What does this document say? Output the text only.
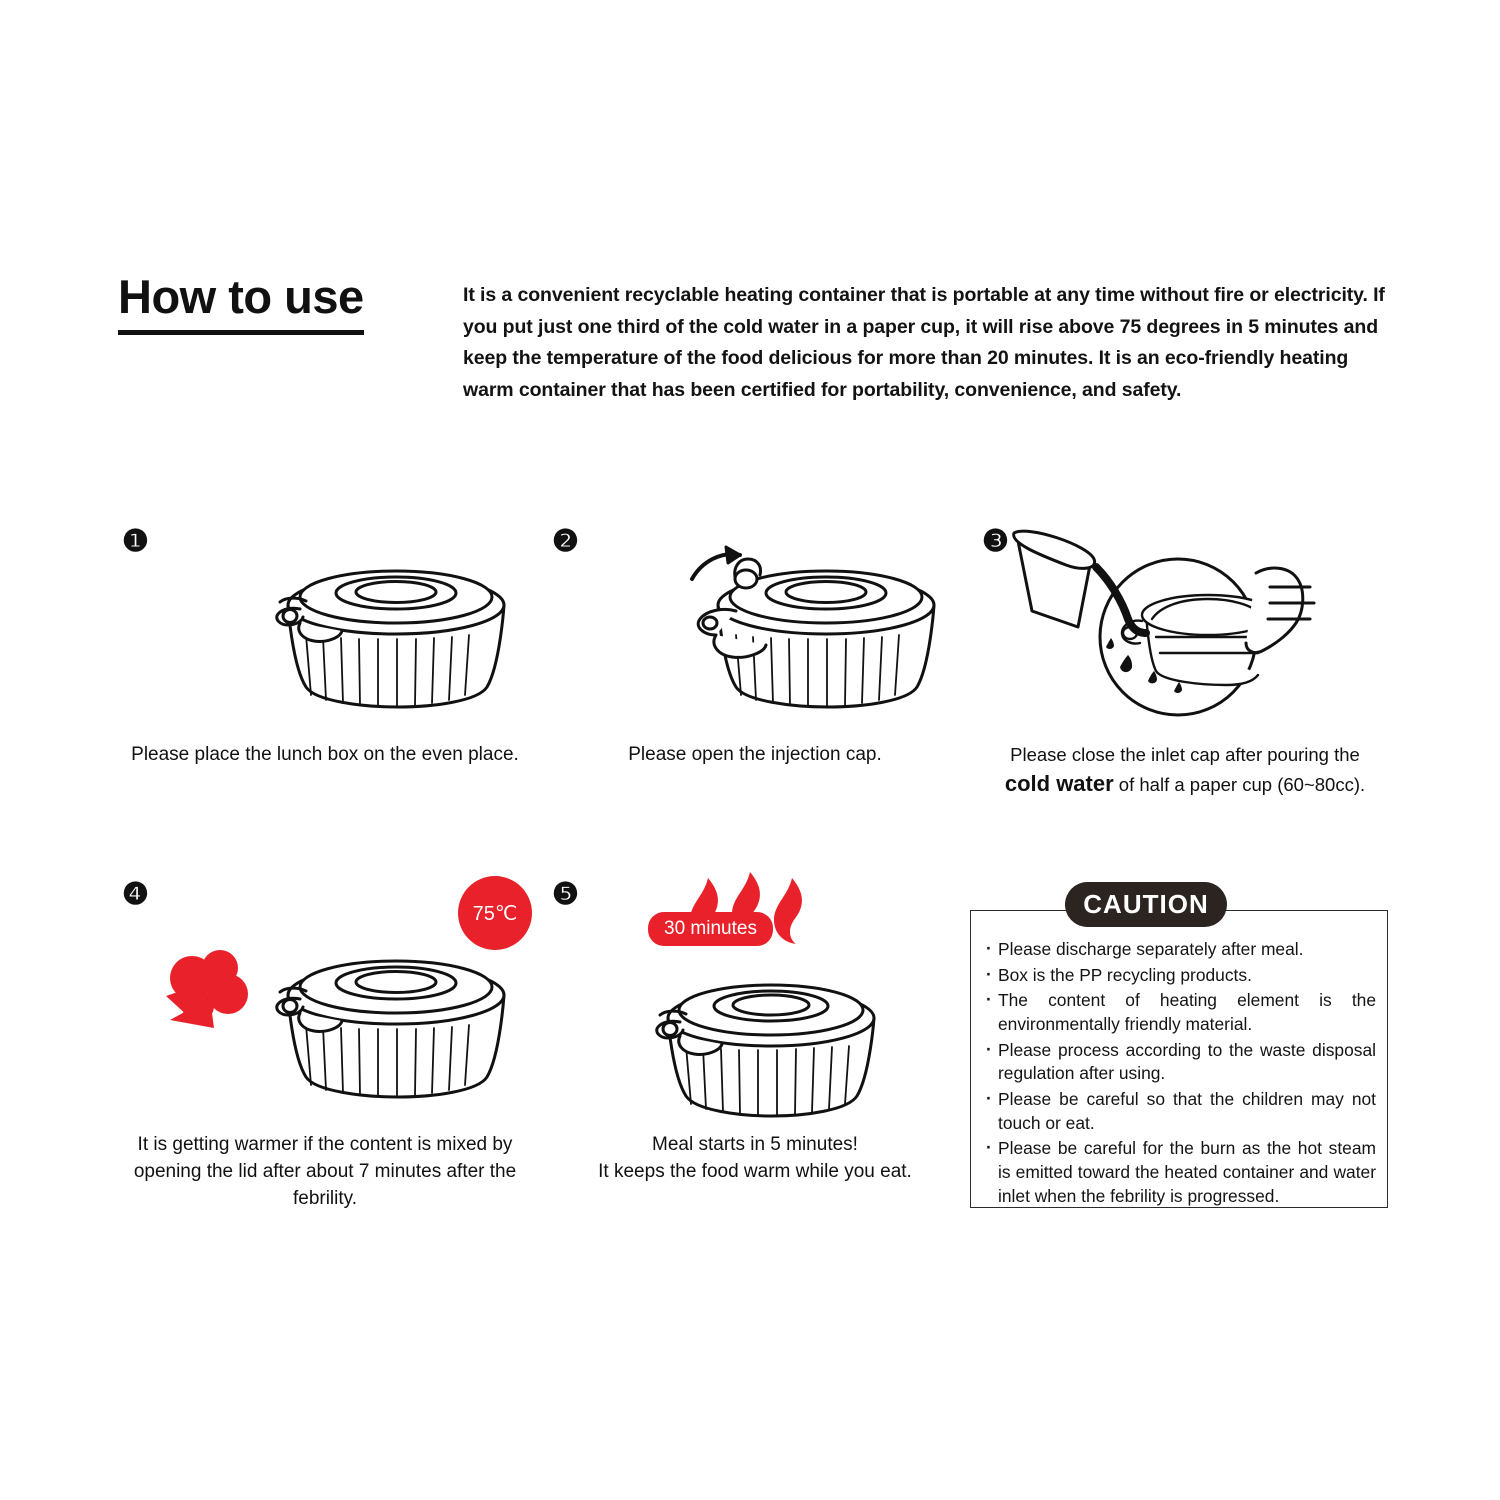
How to use	It is a convenient recyclable heating container that is portable at any time without fire or electricity. If you put just one third of the cold water in a paper cup, it will rise above 75 degrees in 5 minutes and keep the temperature of the food delicious for more than 20 minutes. It is an eco-friendly heating warm container that has been certified for portability, convenience, and safety.
❶
Please place the lunch box on the even place.
❷
Please open the injection cap.
❸
Please close the inlet cap after pouring the
cold water of half a paper cup (60~80cc).
❹
75℃
It is getting warmer if the content is mixed by opening the lid after about 7 minutes after the febrility.
❺
30 minutes
Meal starts in 5 minutes!
It keeps the food warm while you eat.
CAUTION
· Please discharge separately after meal.
· Box is the PP recycling products.
· The content of heating element is the environmentally friendly material.
· Please process according to the waste disposal regulation after using.
· Please be careful so that the children may not touch or eat.
· Please be careful for the burn as the hot steam is emitted toward the heated container and water inlet when the febrility is progressed.
